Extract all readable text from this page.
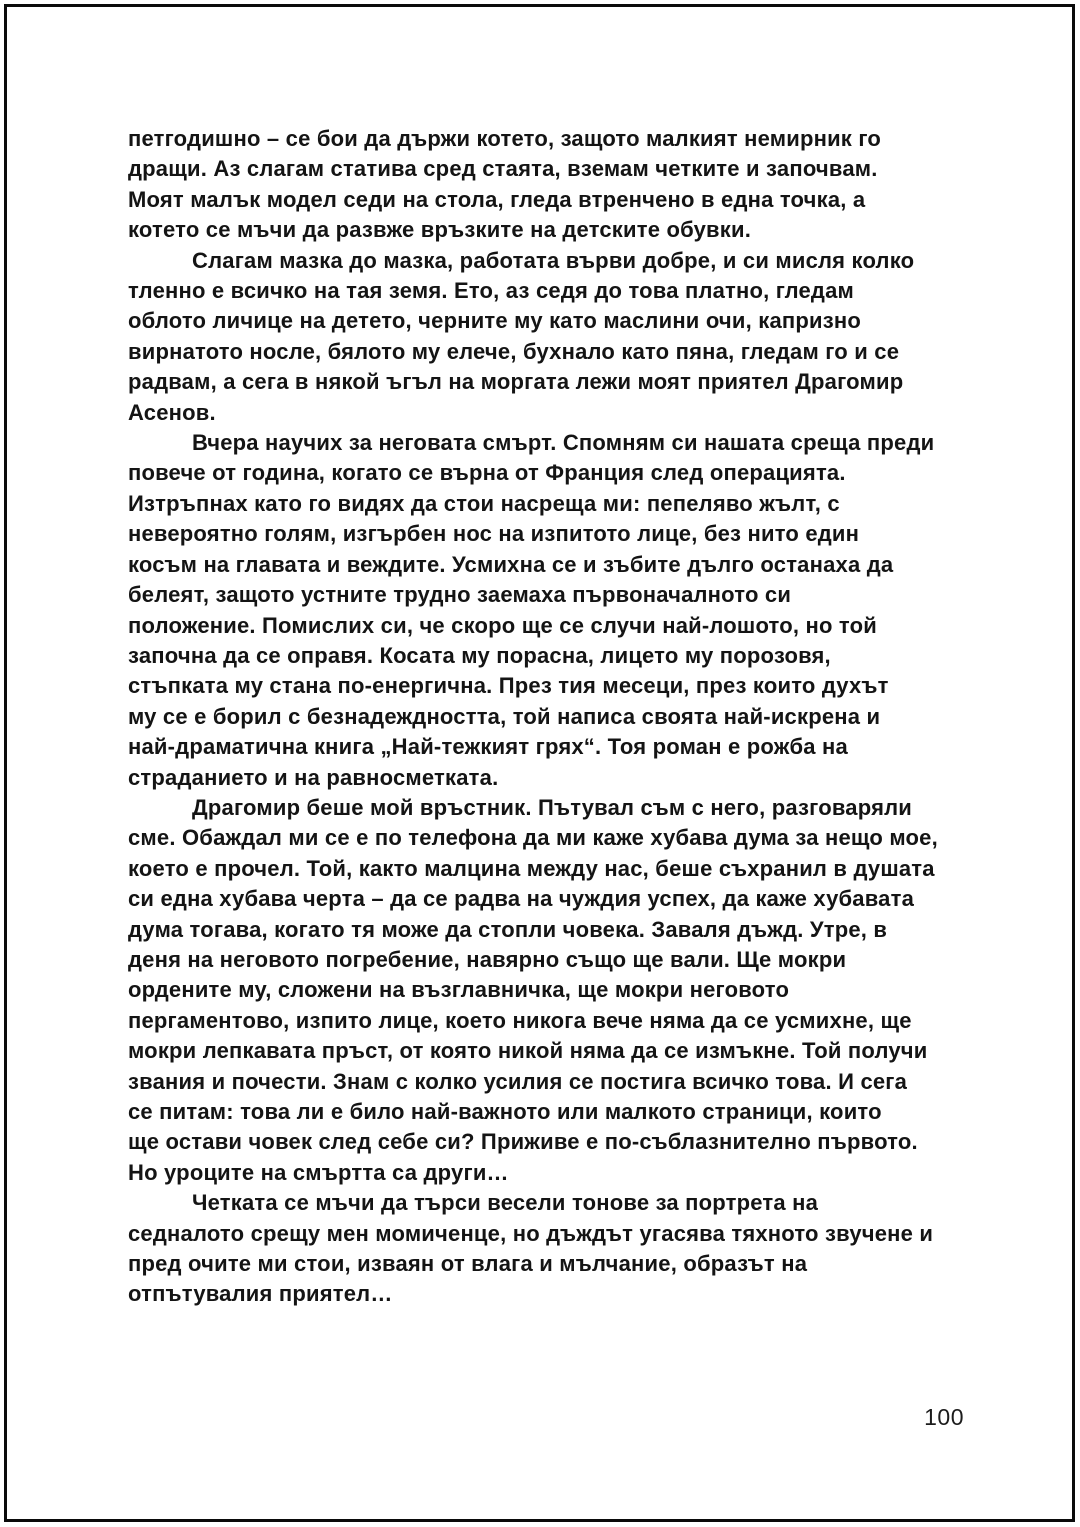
петгодишно – се бои да държи котето, защото малкият немирник го
дращи. Аз слагам статива сред стаята, вземам четките и започвам.
Моят малък модел седи на стола, гледа втренчено в една точка, а
котето се мъчи да развже връзките на детските обувки.
Слагам мазка до мазка, работата върви добре, и си мисля колко
тленно е всичко на тая земя. Ето, аз седя до това платно, гледам
облото личице на детето, черните му като маслини очи, капризно
вирнатото носле, бялото му елече, бухнало като пяна, гледам го и се
радвам, а сега в някой ъгъл на моргата лежи моят приятел Драгомир
Асенов.
Вчера научих за неговата смърт. Спомням си нашата среща преди
повече от година, когато се върна от Франция след операцията.
Изтръпнах като го видях да стои насреща ми: пепеляво жълт, с
невероятно голям, изгърбен нос на изпитото лице, без нито един
косъм на главата и веждите. Усмихна се и зъбите дълго останаха да
белеят, защото устните трудно заемаха първоначалното си
положение. Помислих си, че скоро ще се случи най-лошото, но той
започна да се оправя. Косата му порасна, лицето му порозовя,
стъпката му стана по-енергична. През тия месеци, през които духът
му се е борил с безнадеждността, той написа своята най-искрена и
най-драматична книга „Най-тежкият грях“. Тоя роман е рожба на
страданието и на равносметката.
Драгомир беше мой връстник. Пътувал съм с него, разговаряли
сме. Обаждал ми се е по телефона да ми каже хубава дума за нещо мое,
което е прочел. Той, както малцина между нас, беше съхранил в душата
си една хубава черта – да се радва на чуждия успех, да каже хубавата
дума тогава, когато тя може да стопли човека. Заваля дъжд. Утре, в
деня на неговото погребение, навярно също ще вали. Ще мокри
ордените му, сложени на възглавничка, ще мокри неговото
пергаментово, изпито лице, което никога вече няма да се усмихне, ще
мокри лепкавата пръст, от която никой няма да се измъкне. Той получи
звания и почести. Знам с колко усилия се постига всичко това. И сега
се питам: това ли е било най-важното или малкото страници, които
ще остави човек след себе си? Приживе е по-съблазнително първото.
Но уроците на смъртта са други…
Четката се мъчи да търси весели тонове за портрета на
седналото срещу мен момиченце, но дъждът угасява тяхното звучене и
пред очите ми стои, изваян от влага и мълчание, образът на
отпътувалия приятел…
100
